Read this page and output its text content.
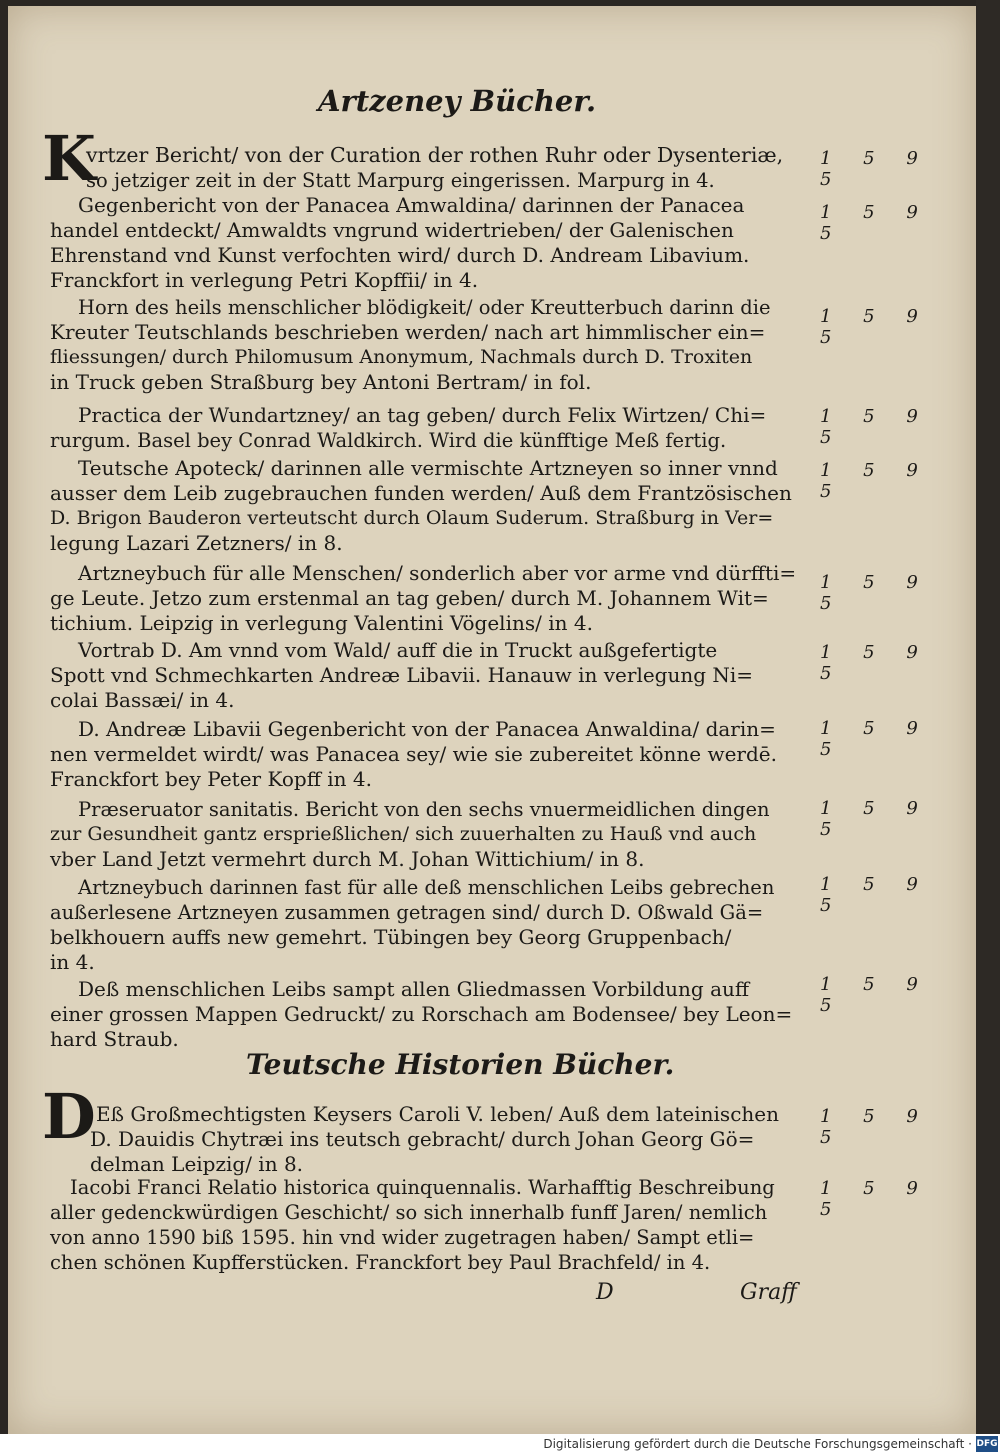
Artzeney Bücher.
K
vrtzer Bericht/ von der Curation der rothen Ruhr oder Dysenteriæ,
so jetziger zeit in der Statt Marpurg eingerissen. Marpurg in 4.
Gegenbericht von der Panacea Amwaldina/ darinnen der Panacea
handel entdeckt/ Amwaldts vngrund widertrieben/ der Galenischen
Ehrenstand vnd Kunst verfochten wird/ durch D. Andream Libavium.
Franckfort in verlegung Petri Kopffii/ in 4.
Horn des heils menschlicher blödigkeit/ oder Kreutterbuch darinn die
Kreuter Teutschlands beschrieben werden/ nach art himmlischer ein=
fliessungen/ durch Philomusum Anonymum, Nachmals durch D. Troxiten
in Truck geben Straßburg bey Antoni Bertram/ in fol.
Practica der Wundartzney/ an tag geben/ durch Felix Wirtzen/ Chi=
rurgum. Basel bey Conrad Waldkirch. Wird die künfftige Meß fertig.
Teutsche Apoteck/ darinnen alle vermischte Artzneyen so inner vnnd
ausser dem Leib zugebrauchen funden werden/ Auß dem Frantzösischen
D. Brigon Bauderon verteutscht durch Olaum Suderum. Straßburg in Ver=
legung Lazari Zetzners/ in 8.
Artzneybuch für alle Menschen/ sonderlich aber vor arme vnd dürffti=
ge Leute. Jetzo zum erstenmal an tag geben/ durch M. Johannem Wit=
tichium. Leipzig in verlegung Valentini Vögelins/ in 4.
Vortrab D. Am vnnd vom Wald/ auff die in Truckt außgefertigte
Spott vnd Schmechkarten Andreæ Libavii. Hanauw in verlegung Ni=
colai Bassæi/ in 4.
D. Andreæ Libavii Gegenbericht von der Panacea Anwaldina/ darin=
nen vermeldet wirdt/ was Panacea sey/ wie sie zubereitet könne werdē.
Franckfort bey Peter Kopff in 4.
Præseruator sanitatis. Bericht von den sechs vnuermeidlichen dingen
zur Gesundheit gantz ersprießlichen/ sich zuuerhalten zu Hauß vnd auch
vber Land Jetzt vermehrt durch M. Johan Wittichium/ in 8.
Artzneybuch darinnen fast für alle deß menschlichen Leibs gebrechen
außerlesene Artzneyen zusammen getragen sind/ durch D. Oßwald Gä=
belkhouern auffs new gemehrt. Tübingen bey Georg Gruppenbach/
in 4.
Deß menschlichen Leibs sampt allen Gliedmassen Vorbildung auff
einer grossen Mappen Gedruckt/ zu Rorschach am Bodensee/ bey Leon=
hard Straub.
Teutsche Historien Bücher.
D Eß Großmechtigsten Keysers Caroli V. leben/ Auß dem lateinischen
D. Dauidis Chytræi ins teutsch gebracht/ durch Johan Georg Gö=
delman Leipzig/ in 8.
Iacobi Franci Relatio historica quinquennalis. Warhafftig Beschreibung
aller gedenckwürdigen Geschicht/ so sich innerhalb funff Jaren/ nemlich
von anno 1590 biß 1595. hin vnd wider zugetragen haben/ Sampt etli=
chen schönen Kupfferstücken. Franckfort bey Paul Brachfeld/ in 4.
1 5 9 5
1 5 9 5
1 5 9 5
1 5 9 5
1 5 9 5
1 5 9 5
1 5 9 5
1 5 9 5
1 5 9 5
1 5 9 5
1 5 9 5
1 5 9 5
1 5 9 5
D	Graff
Digitalisierung gefördert durch die Deutsche Forschungsgemeinschaft · DFG
